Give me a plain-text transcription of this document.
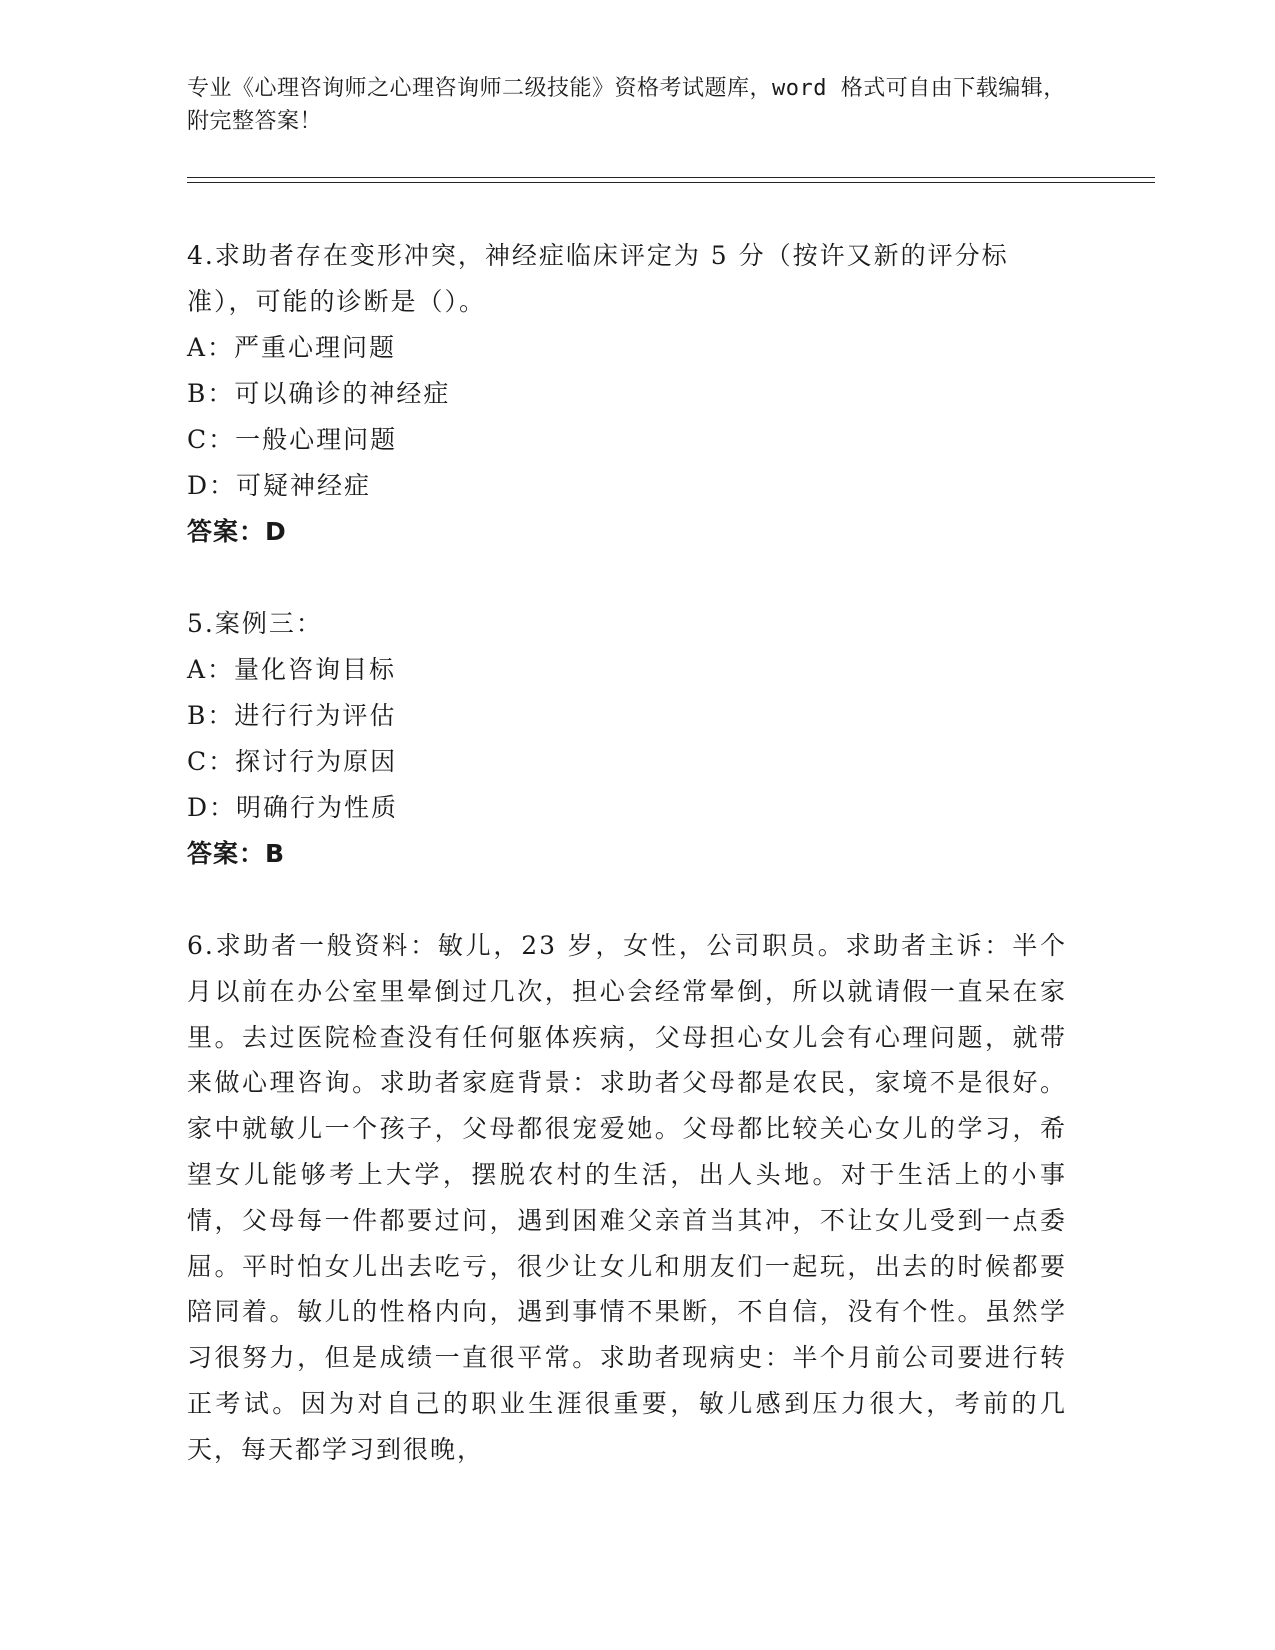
专业《心理咨询师之心理咨询师二级技能》资格考试题库，word 格式可自由下载编辑，附完整答案！

4.求助者存在变形冲突，神经症临床评定为 5 分（按许又新的评分标准），可能的诊断是（）。

A：严重心理问题

B：可以确诊的神经症

C：一般心理问题

D：可疑神经症

答案：D

5.案例三：

A：量化咨询目标

B：进行行为评估

C：探讨行为原因

D：明确行为性质

答案：B

6.求助者一般资料：敏儿，23 岁，女性，公司职员。求助者主诉：半个月以前在办公室里晕倒过几次，担心会经常晕倒，所以就请假一直呆在家里。去过医院检查没有任何躯体疾病，父母担心女儿会有心理问题，就带来做心理咨询。求助者家庭背景：求助者父母都是农民，家境不是很好。家中就敏儿一个孩子，父母都很宠爱她。父母都比较关心女儿的学习，希望女儿能够考上大学，摆脱农村的生活，出人头地。对于生活上的小事情，父母每一件都要过问，遇到困难父亲首当其冲，不让女儿受到一点委屈。平时怕女儿出去吃亏，很少让女儿和朋友们一起玩，出去的时候都要陪同着。敏儿的性格内向，遇到事情不果断，不自信，没有个性。虽然学习很努力，但是成绩一直很平常。求助者现病史：半个月前公司要进行转正考试。因为对自己的职业生涯很重要，敏儿感到压力很大，考前的几天，每天都学习到很晚，
